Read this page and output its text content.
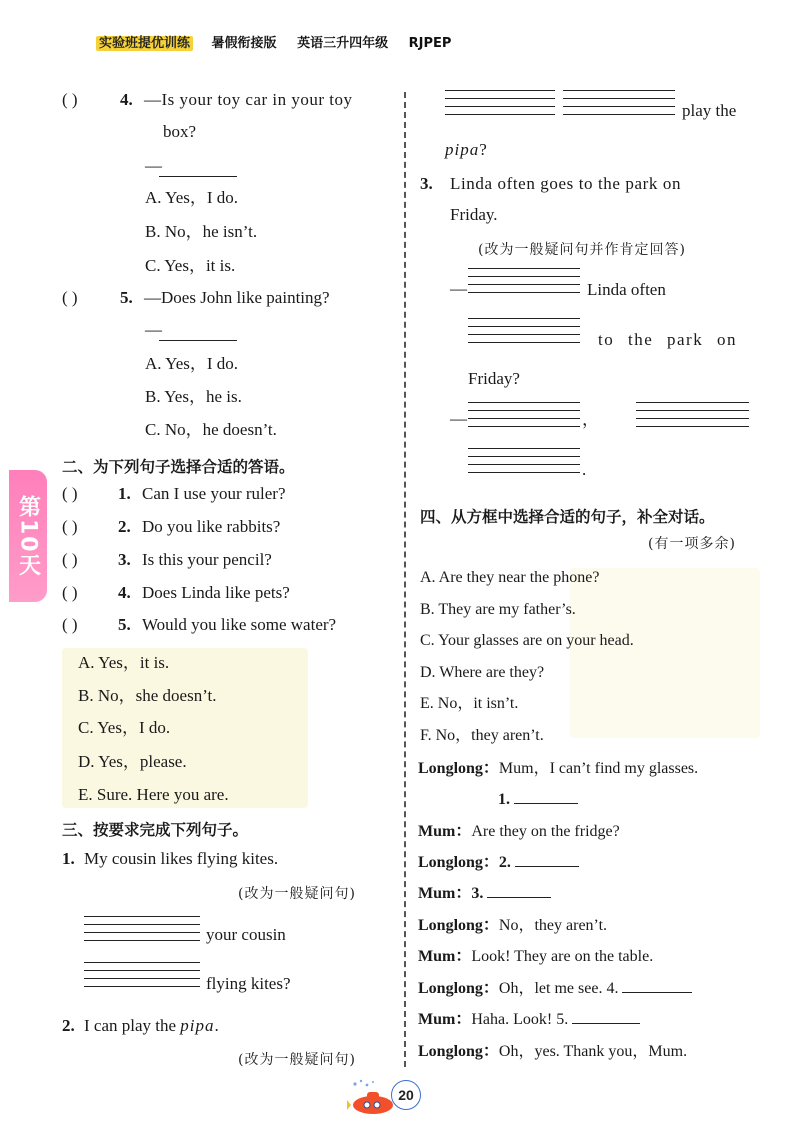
实验班提优训练 暑假衔接版 英语三升四年级 RJPEP
第10天
( ) 4. —Is your toy car in your toy
box?
—
A. Yes，I do.
B. No，he isn’t.
C. Yes，it is.
( ) 5. —Does John like painting?
—
A. Yes，I do.
B. Yes，he is.
C. No，he doesn’t.
二、为下列句子选择合适的答语。
( ) 1. Can I use your ruler?
( ) 2. Do you like rabbits?
( ) 3. Is this your pencil?
( ) 4. Does Linda like pets?
( ) 5. Would you like some water?
A. Yes，it is.
B. No，she doesn’t.
C. Yes，I do.
D. Yes，please.
E. Sure. Here you are.
三、按要求完成下列句子。
1. My cousin likes flying kites.
(改为一般疑问句)
your cousin
flying kites?
2. I can play the pipa.
(改为一般疑问句)
play the
pipa?
3. Linda often goes to the park on
Friday.
(改为一般疑问句并作肯定回答)
—	Linda often
to the park on
Friday?
—	，
.
四、从方框中选择合适的句子，补全对话。
(有一项多余)
A. Are they near the phone?
B. They are my father’s.
C. Your glasses are on your head.
D. Where are they?
E. No，it isn’t.
F. No，they aren’t.
Longlong：Mum，I can’t find my glasses.
1.
Mum：Are they on the fridge?
Longlong：2.
Mum：3.
Longlong：No，they aren’t.
Mum：Look! They are on the table.
Longlong：Oh，let me see. 4.
Mum：Haha. Look! 5.
Longlong：Oh，yes. Thank you，Mum.
20
